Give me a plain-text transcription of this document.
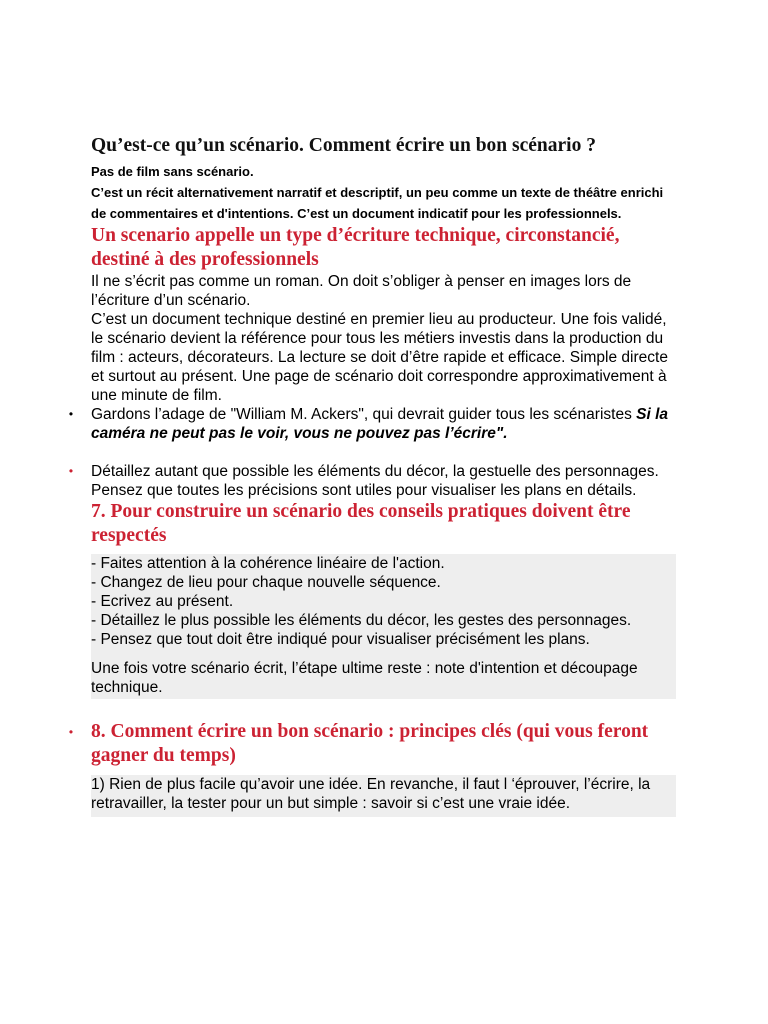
Qu’est-ce qu’un scénario. Comment écrire un bon scénario ?

Pas de film sans scénario.

C’est un récit alternativement narratif et descriptif, un peu comme un texte de théâtre enrichi de commentaires et d'intentions. C’est un document indicatif pour les professionnels.

Un scenario appelle un type d’écriture technique, circonstancié, destiné à des professionnels

Il ne s’écrit pas comme un roman. On doit s’obliger à penser en images lors de l’écriture d’un scénario.

C’est un document technique destiné en premier lieu au producteur. Une fois validé, le scénario devient la référence pour tous les métiers investis dans la production du film : acteurs, décorateurs. La lecture se doit d’être rapide et efficace. Simple directe et surtout au présent. Une page de scénario doit correspondre approximativement à une minute de film.

• Gardons l’adage de "William M. Ackers", qui devrait guider tous les scénaristes Si la caméra ne peut pas le voir, vous ne pouvez pas l’écrire".

• Détaillez autant que possible les éléments du décor, la gestuelle des personnages. Pensez que toutes les précisions sont utiles pour visualiser les plans en détails.

7. Pour construire un scénario des conseils pratiques doivent être respectés

- Faites attention à la cohérence linéaire de l'action.

- Changez de lieu pour chaque nouvelle séquence.

- Ecrivez au présent.

- Détaillez le plus possible les éléments du décor, les gestes des personnages.

- Pensez que tout doit être indiqué pour visualiser précisément les plans.

Une fois votre scénario écrit, l’étape ultime reste : note d'intention et découpage technique.

• 8. Comment écrire un bon scénario : principes clés (qui vous feront gagner du temps)

1) Rien de plus facile qu’avoir une idée. En revanche, il faut l ‘éprouver, l’écrire, la retravailler, la tester pour un but simple : savoir si c’est une vraie idée.
